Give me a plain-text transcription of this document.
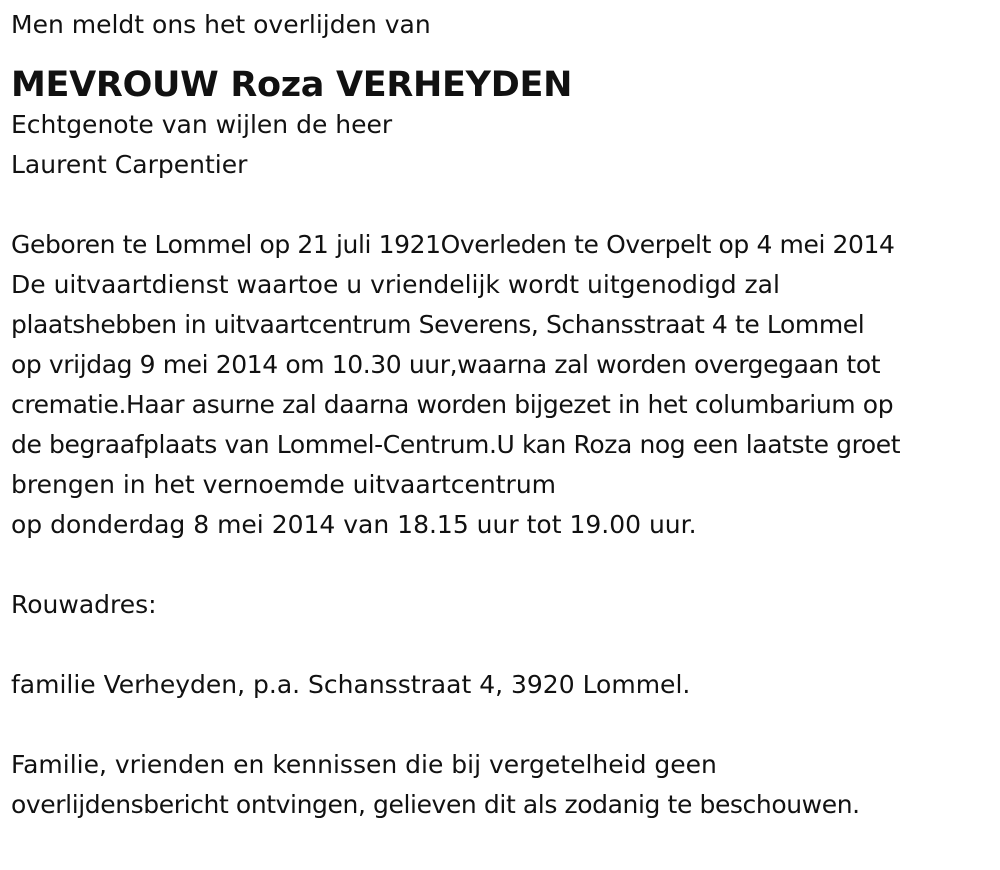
Men meldt ons het overlijden van
MEVROUW Roza VERHEYDEN
Echtgenote van wijlen de heer
Laurent Carpentier
Geboren te Lommel op 21 juli 1921Overleden te Overpelt op 4 mei 2014
De uitvaartdienst waartoe u vriendelijk wordt uitgenodigd zal
plaatshebben in uitvaartcentrum Severens, Schansstraat 4 te Lommel
op vrijdag 9 mei 2014 om 10.30 uur,waarna zal worden overgegaan tot
crematie.Haar asurne zal daarna worden bijgezet in het columbarium op
de begraafplaats van Lommel-Centrum.U kan Roza nog een laatste groet
brengen in het vernoemde uitvaartcentrum
op donderdag 8 mei 2014 van 18.15 uur tot 19.00 uur.
Rouwadres:
familie Verheyden, p.a. Schansstraat 4, 3920 Lommel.
Familie, vrienden en kennissen die bij vergetelheid geen
overlijdensbericht ontvingen, gelieven dit als zodanig te beschouwen.
